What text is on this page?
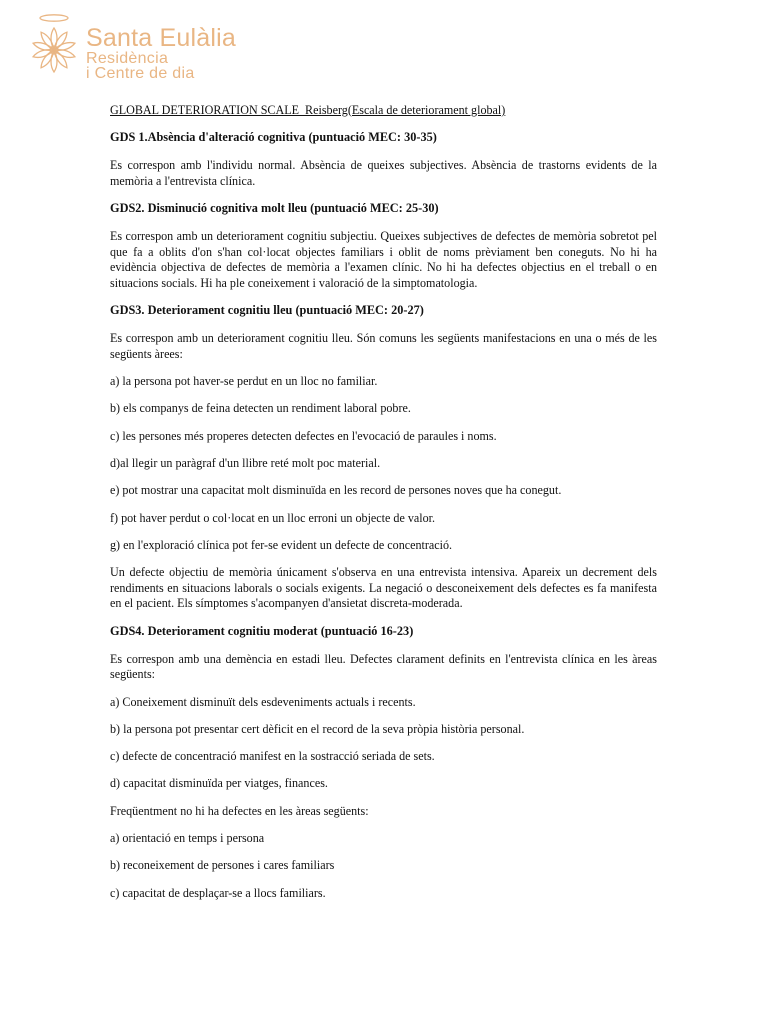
Santa Eulàlia
Residència
i Centre de dia

GLOBAL DETERIORATION SCALE  Reisberg(Escala de deteriorament global)

GDS 1.Absència d'alteració cognitiva (puntuació MEC: 30-35)

Es correspon amb l'individu normal. Absència de queixes subjectives. Absència de trastorns evidents de la memòria a l'entrevista clínica.

GDS2. Disminució cognitiva molt lleu (puntuació MEC: 25-30)

Es correspon amb un deteriorament cognitiu subjectiu. Queixes subjectives de defectes de memòria sobretot pel que fa a oblits d'on s'han col·locat objectes familiars i oblit de noms prèviament ben coneguts. No hi ha evidència objectiva de defectes de memòria a l'examen clínic. No hi ha defectes objectius en el treball o en situacions socials. Hi ha ple coneixement i valoració de la simptomatologia.

GDS3. Deteriorament cognitiu lleu (puntuació MEC: 20-27)

Es correspon amb un deteriorament cognitiu lleu. Són comuns les següents manifestacions en una o més de les següents àrees:

a) la persona pot haver-se perdut en un lloc no familiar.

b) els companys de feina detecten un rendiment laboral pobre.

c) les persones més properes detecten defectes en l'evocació de paraules i noms.

d)al llegir un paràgraf d'un llibre reté molt poc material.

e) pot mostrar una capacitat molt disminuïda en les record de persones noves que ha conegut.

f) pot haver perdut o col·locat en un lloc erroni un objecte de valor.

g) en l'exploració clínica pot fer-se evident un defecte de concentració.

Un defecte objectiu de memòria únicament s'observa en una entrevista intensiva. Apareix un decrement dels rendiments en situacions laborals o socials exigents. La negació o desconeixement dels defectes es fa manifesta en el pacient. Els símptomes s'acompanyen d'ansietat discreta-moderada.

GDS4. Deteriorament cognitiu moderat (puntuació 16-23)

Es correspon amb una demència en estadi lleu. Defectes clarament definits en l'entrevista clínica en les àreas següents:

a) Coneixement disminuït dels esdeveniments actuals i recents.

b) la persona pot presentar cert dèficit en el record de la seva pròpia història personal.

c) defecte de concentració manifest en la sostracció seriada de sets.

d) capacitat disminuïda per viatges, finances.

Freqüentment no hi ha defectes en les àreas següents:

a) orientació en temps i persona

b) reconeixement de persones i cares familiars

c) capacitat de desplaçar-se a llocs familiars.
